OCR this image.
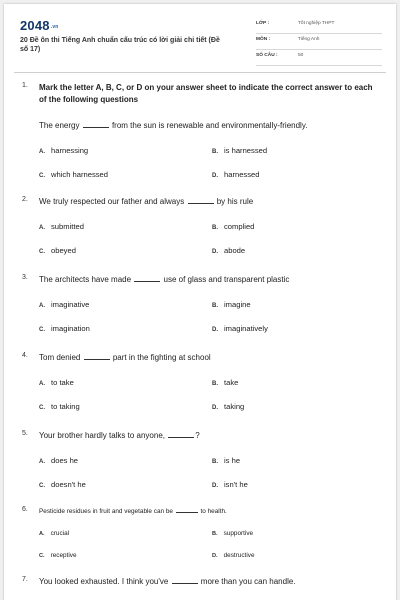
2048.vn
20 Đề ôn thi Tiếng Anh chuẩn cấu trúc có lời giải chi tiết (Đề số 17)
LỚP :	Tốt nghiệp THPT
MÔN :	Tiếng Anh
SỐ CÂU :	50
1. Mark the letter A, B, C, or D on your answer sheet to indicate the correct answer to each of the following questions
The energy	from the sun is renewable and environmentally-friendly.
A. harnessing	B. is harnessed
C. which harnessed	D. harnessed
2. We truly respected our father and always	by his rule
A. submitted	B. complied
C. obeyed	D. abode
3. The architects have made	use of glass and transparent plastic
A. imaginative	B. imagine
C. imagination	D. imaginatively
4. Tom denied	part in the fighting at school
A. to take	B. take
C. to taking	D. taking
5. Your brother hardly talks to anyone,	?
A. does he	B. is he
C. doesn't he	D. isn't he
6. Pesticide residues in fruit and vegetable can be	to health.
A. crucial	B. supportive
C. receptive	D. destructive
7. You looked exhausted. I think you've	more than you can handle.
